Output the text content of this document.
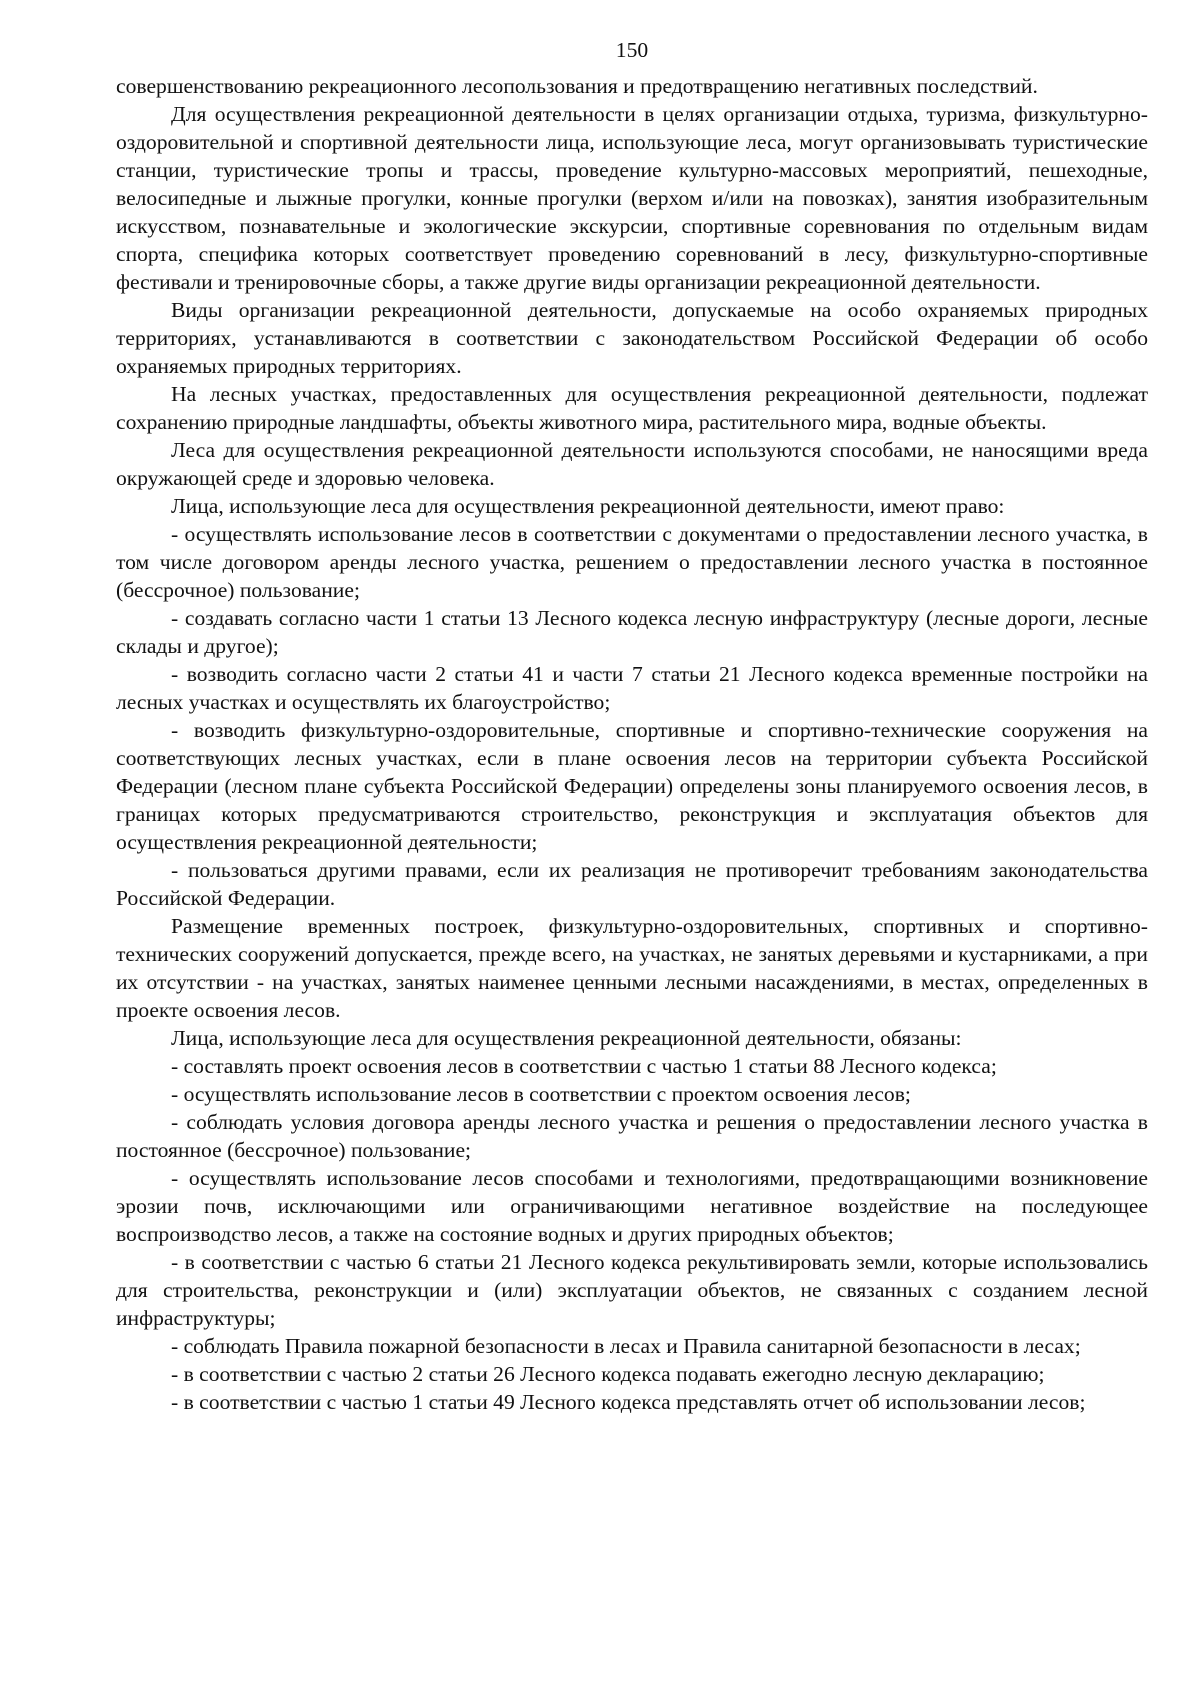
150

совершенствованию рекреационного лесопользования и предотвращению негативных последствий.

Для осуществления рекреационной деятельности в целях организации отдыха, туризма, физкультурно-оздоровительной и спортивной деятельности лица, использующие леса, могут организовывать туристические станции, туристические тропы и трассы, проведение культурно-массовых мероприятий, пешеходные, велосипедные и лыжные прогулки, конные прогулки (верхом и/или на повозках), занятия изобразительным искусством, познавательные и экологические экскурсии, спортивные соревнования по отдельным видам спорта, специфика которых соответствует проведению соревнований в лесу, физкультурно-спортивные фестивали и тренировочные сборы, а также другие виды организации рекреационной деятельности.

Виды организации рекреационной деятельности, допускаемые на особо охраняемых природных территориях, устанавливаются в соответствии с законодательством Российской Федерации об особо охраняемых природных территориях.

На лесных участках, предоставленных для осуществления рекреационной деятельности, подлежат сохранению природные ландшафты, объекты животного мира, растительного мира, водные объекты.

Леса для осуществления рекреационной деятельности используются способами, не наносящими вреда окружающей среде и здоровью человека.

Лица, использующие леса для осуществления рекреационной деятельности, имеют право:

- осуществлять использование лесов в соответствии с документами о предоставлении лесного участка, в том числе договором аренды лесного участка, решением о предоставлении лесного участка в постоянное (бессрочное) пользование;

- создавать согласно части 1 статьи 13 Лесного кодекса лесную инфраструктуру (лесные дороги, лесные склады и другое);

- возводить согласно части 2 статьи 41 и части 7 статьи 21 Лесного кодекса временные постройки на лесных участках и осуществлять их благоустройство;

- возводить физкультурно-оздоровительные, спортивные и спортивно-технические сооружения на соответствующих лесных участках, если в плане освоения лесов на территории субъекта Российской Федерации (лесном плане субъекта Российской Федерации) определены зоны планируемого освоения лесов, в границах которых предусматриваются строительство, реконструкция и эксплуатация объектов для осуществления рекреационной деятельности;

- пользоваться другими правами, если их реализация не противоречит требованиям законодательства Российской Федерации.

Размещение временных построек, физкультурно-оздоровительных, спортивных и спортивно-технических сооружений допускается, прежде всего, на участках, не занятых деревьями и кустарниками, а при их отсутствии - на участках, занятых наименее ценными лесными насаждениями, в местах, определенных в проекте освоения лесов.

Лица, использующие леса для осуществления рекреационной деятельности, обязаны:

- составлять проект освоения лесов в соответствии с частью 1 статьи 88 Лесного кодекса;

- осуществлять использование лесов в соответствии с проектом освоения лесов;

- соблюдать условия договора аренды лесного участка и решения о предоставлении лесного участка в постоянное (бессрочное) пользование;

- осуществлять использование лесов способами и технологиями, предотвращающими возникновение эрозии почв, исключающими или ограничивающими негативное воздействие на последующее воспроизводство лесов, а также на состояние водных и других природных объектов;

- в соответствии с частью 6 статьи 21 Лесного кодекса рекультивировать земли, которые использовались для строительства, реконструкции и (или) эксплуатации объектов, не связанных с созданием лесной инфраструктуры;

- соблюдать Правила пожарной безопасности в лесах и Правила санитарной безопасности в лесах;

- в соответствии с частью 2 статьи 26 Лесного кодекса подавать ежегодно лесную декларацию;

- в соответствии с частью 1 статьи 49 Лесного кодекса представлять отчет об использовании лесов;
